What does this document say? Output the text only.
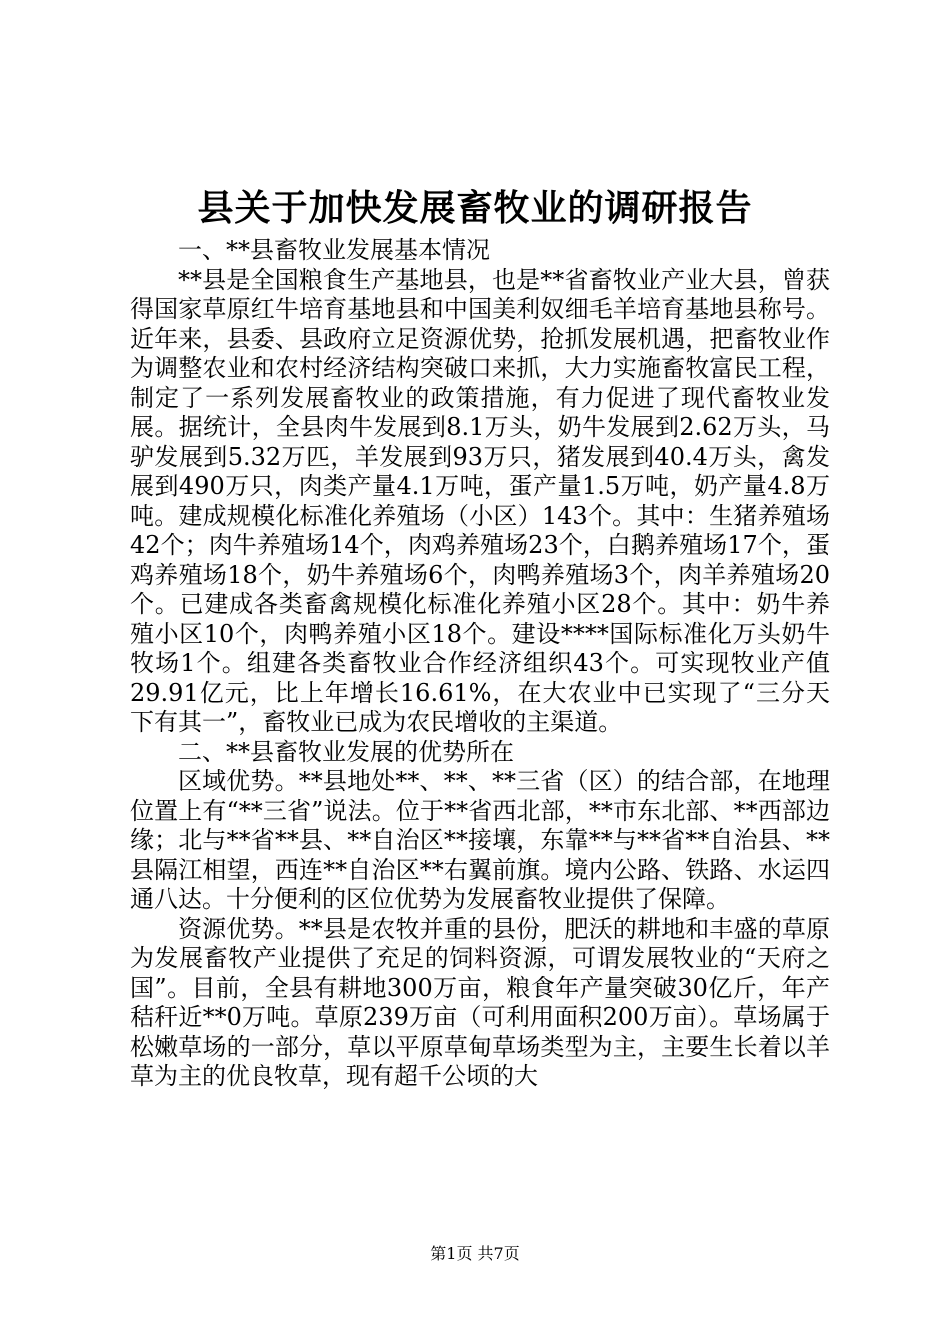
县关于加快发展畜牧业的调研报告

一、**县畜牧业发展基本情况

**县是全国粮食生产基地县，也是**省畜牧业产业大县，曾获得国家草原红牛培育基地县和中国美利奴细毛羊培育基地县称号。近年来，县委、县政府立足资源优势，抢抓发展机遇，把畜牧业作为调整农业和农村经济结构突破口来抓，大力实施畜牧富民工程，制定了一系列发展畜牧业的政策措施，有力促进了现代畜牧业发展。据统计，全县肉牛发展到8.1万头，奶牛发展到2.62万头，马驴发展到5.32万匹，羊发展到93万只，猪发展到40.4万头，禽发展到490万只，肉类产量4.1万吨，蛋产量1.5万吨，奶产量4.8万吨。建成规模化标准化养殖场（小区）143个。其中：生猪养殖场42个；肉牛养殖场14个，肉鸡养殖场23个，白鹅养殖场17个，蛋鸡养殖场18个，奶牛养殖场6个，肉鸭养殖场3个，肉羊养殖场20个。已建成各类畜禽规模化标准化养殖小区28个。其中：奶牛养殖小区10个，肉鸭养殖小区18个。建设****国际标准化万头奶牛牧场1个。组建各类畜牧业合作经济组织43个。可实现牧业产值29.91亿元，比上年增长16.61%，在大农业中已实现了“三分天下有其一”，畜牧业已成为农民增收的主渠道。

二、**县畜牧业发展的优势所在

区域优势。**县地处**、**、**三省（区）的结合部，在地理位置上有“**三省”说法。位于**省西北部，**市东北部、**西部边缘；北与**省**县、**自治区**接壤，东靠**与**省**自治县、**县隔江相望，西连**自治区**右翼前旗。境内公路、铁路、水运四通八达。十分便利的区位优势为发展畜牧业提供了保障。

资源优势。**县是农牧并重的县份，肥沃的耕地和丰盛的草原为发展畜牧产业提供了充足的饲料资源，可谓发展牧业的“天府之国”。目前，全县有耕地300万亩，粮食年产量突破30亿斤，年产秸秆近**0万吨。草原239万亩（可利用面积200万亩）。草场属于松嫩草场的一部分，草以平原草甸草场类型为主，主要生长着以羊草为主的优良牧草，现有超千公顷的大

第1页 共7页
